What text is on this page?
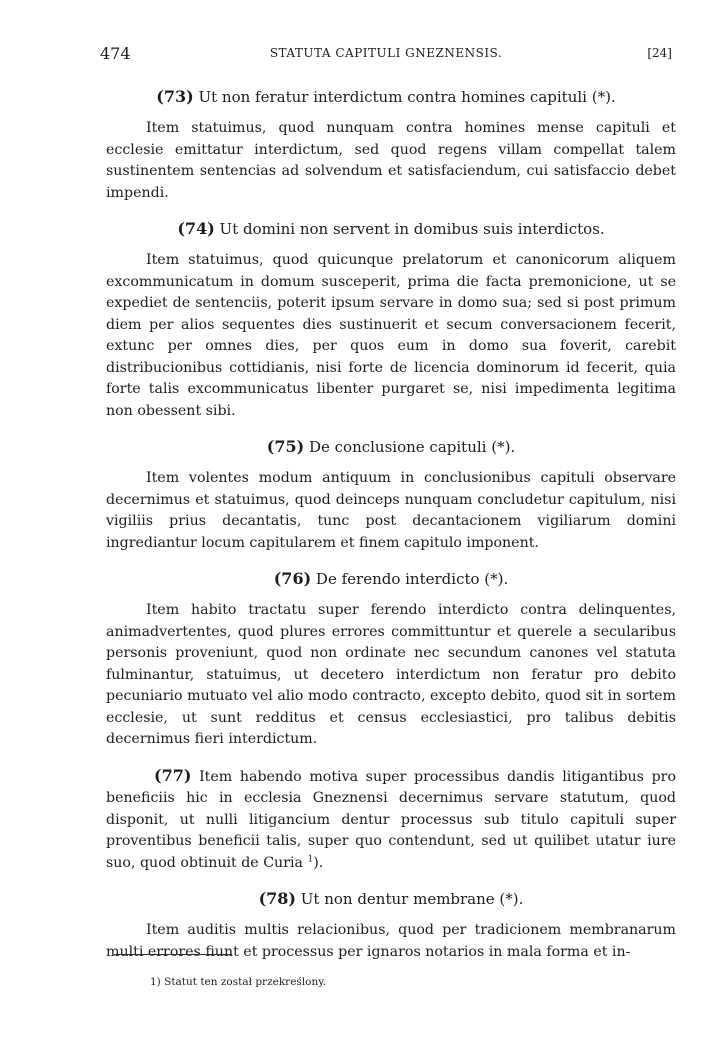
474	STATUTA CAPITULI GNEZNENSIS.	[24]
(73) Ut non feratur interdictum contra homines capituli (*).

Item statuimus, quod nunquam contra homines mense capituli et ecclesie emittatur interdictum, sed quod regens villam compellat talem sustinentem sentencias ad solvendum et satisfaciendum, cui satisfaccio debet impendi.

(74) Ut domini non servent in domibus suis interdictos.

Item statuimus, quod quicunque prelatorum et canonicorum aliquem excommunicatum in domum susceperit, prima die facta premonicione, ut se expediet de sentenciis, poterit ipsum servare in domo sua; sed si post primum diem per alios sequentes dies sustinuerit et secum conversacionem fecerit, extunc per omnes dies, per quos eum in domo sua foverit, carebit distribucionibus cottidianis, nisi forte de licencia dominorum id fecerit, quia forte talis excommunicatus libenter purgaret se, nisi impedimenta legitima non obessent sibi.

(75) De conclusione capituli (*).

Item volentes modum antiquum in conclusionibus capituli observare decernimus et statuimus, quod deinceps nunquam concludetur capitulum, nisi vigiliis prius decantatis, tunc post decantacionem vigiliarum domini ingrediantur locum capitularem et finem capitulo imponent.

(76) De ferendo interdicto (*).

Item habito tractatu super ferendo interdicto contra delinquentes, animadvertentes, quod plures errores committuntur et querele a secularibus personis proveniunt, quod non ordinate nec secundum canones vel statuta fulminantur, statuimus, ut decetero interdictum non feratur pro debito pecuniario mutuato vel alio modo contracto, excepto debito, quod sit in sortem ecclesie, ut sunt redditus et census ecclesiastici, pro talibus debitis decernimus fieri interdictum.

(77) Item habendo motiva super processibus dandis litigantibus pro beneficiis hic in ecclesia Gneznensi decernimus servare statutum, quod disponit, ut nulli litigancium dentur processus sub titulo capituli super proventibus beneficii talis, super quo contendunt, sed ut quilibet utatur iure suo, quod obtinuit de Curia $^1$).

(78) Ut non dentur membrane (*).

Item auditis multis relacionibus, quod per tradicionem membranarum multi errores fiunt et processus per ignaros notarios in mala forma et in-

1) Statut ten został przekreślony.
